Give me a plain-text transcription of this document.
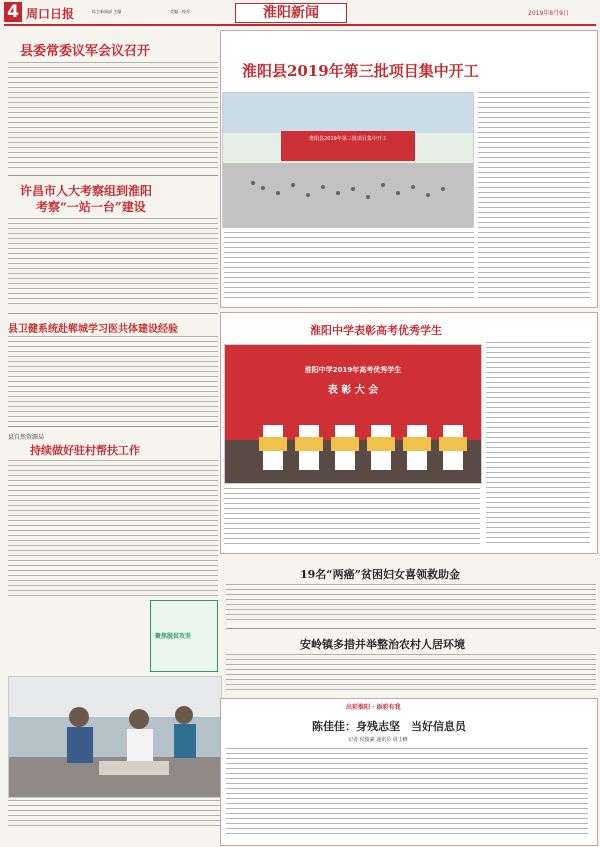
4 周口日报	综合新闻部 主编	美编 · 校对	淮阳新闻	2019年8月9日
县委常委议军会议召开
许昌市人大考察组到淮阳
考察“一站一台”建设
县卫健系统赴郸城学习医共体建设经验
县自然资源局
持续做好驻村帮扶工作
聚焦脱贫攻坚
淮阳县2019年第三批项目集中开工
淮阳县2019年第三批项目集中开工
淮阳中学表彰高考优秀学生
淮阳中学2019年高考优秀学生
表 彰 大 会
19名“两癌”贫困妇女喜领救助金
安岭镇多措并举整治农村人居环境
出彩淮阳 · 添彩有我
陈佳佳：身残志坚　当好信息员
记者 侯俊豪 通讯员 周士峰
